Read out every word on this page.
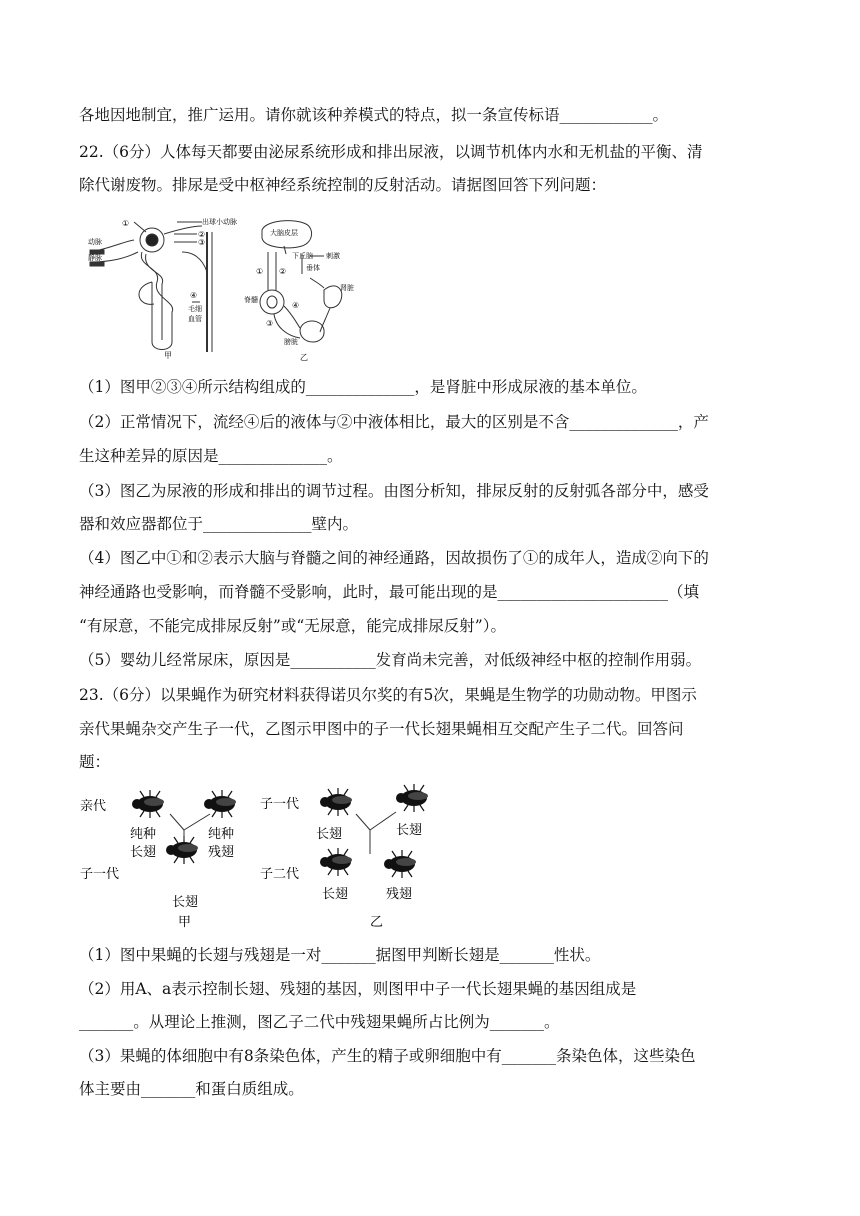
各地因地制宜，推广运用。请你就该种养模式的特点，拟一条宣传标语____________。
22.（6分）人体每天都要由泌尿系统形成和排出尿液，以调节机体内水和无机盐的平衡、清
除代谢废物。排尿是受中枢神经系统控制的反射活动。请据图回答下列问题：
①	出球小动脉
②
③
动脉
静脉
④
毛细
血管
甲
大脑皮层
下丘脑 刺激
垂体
① ②
脊髓
肾脏
④
③
膀胱
乙
（1）图甲②③④所示结构组成的______________，是肾脏中形成尿液的基本单位。
（2）正常情况下，流经④后的液体与②中液体相比，最大的区别是不含______________，产
生这种差异的原因是______________。
（3）图乙为尿液的形成和排出的调节过程。由图分析知，排尿反射的反射弧各部分中，感受
器和效应器都位于______________壁内。
（4）图乙中①和②表示大脑与脊髓之间的神经通路，因故损伤了①的成年人，造成②向下的
神经通路也受影响，而脊髓不受影响，此时，最可能出现的是______________________（填
“有尿意，不能完成排尿反射”或“无尿意，能完成排尿反射”）。
（5）婴幼儿经常尿床，原因是___________发育尚未完善，对低级神经中枢的控制作用弱。
23.（6分）以果蝇作为研究材料获得诺贝尔奖的有5次，果蝇是生物学的功勋动物。甲图示
亲代果蝇杂交产生子一代，乙图示甲图中的子一代长翅果蝇相互交配产生子二代。回答问
题：
亲代
纯种
长翅
纯种
残翅
子一代
长翅
甲
子一代
长翅	长翅
子二代
长翅	残翅
乙
（1）图中果蝇的长翅与残翅是一对_______据图甲判断长翅是_______性状。
（2）用A、a表示控制长翅、残翅的基因，则图甲中子一代长翅果蝇的基因组成是
_______。从理论上推测，图乙子二代中残翅果蝇所占比例为_______。
（3）果蝇的体细胞中有8条染色体，产生的精子或卵细胞中有_______条染色体，这些染色
体主要由_______和蛋白质组成。
